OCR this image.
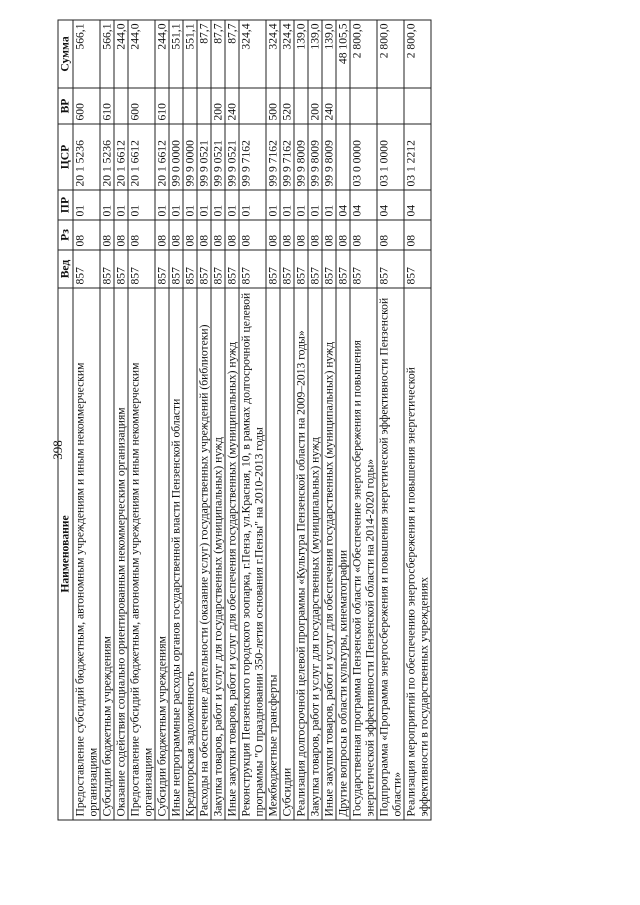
398
Наименование	Вед	Рз	ПР	ЦСР	ВР	Сумма
Предоставление субсидий бюджетным, автономным учреждениям и иным некоммерческим организациям	857	08	01	20 1 5236	600	566,1
Субсидии бюджетным учреждениям	857	08	01	20 1 5236	610	566,1
Оказание содействия социально ориентированным некоммерческим организациям	857	08	01	20 1 6612		244,0
Предоставление субсидий бюджетным, автономным учреждениям и иным некоммерческим организациям	857	08	01	20 1 6612	600	244,0
Субсидии бюджетным учреждениям	857	08	01	20 1 6612	610	244,0
Иные непрограммные расходы органов государственной власти Пензенской области	857	08	01	99 0 0000		551,1
Кредиторская задолженность	857	08	01	99 9 0000		551,1
Расходы на обеспечение деятельности (оказание услуг) государственных учреждений (библиотеки)	857	08	01	99 9 0521		87,7
Закупка товаров, работ и услуг для государственных (муниципальных) нужд	857	08	01	99 9 0521	200	87,7
Иные закупки товаров, работ и услуг для обеспечения государственных (муниципальных) нужд	857	08	01	99 9 0521	240	87,7
Реконструкция Пензенского городского зоопарка, г.Пенза, ул.Красная, 10, в рамках долгосрочной целевой программы "О праздновании 350-летия основания г.Пензы" на 2010-2013 годы	857	08	01	99 9 7162		324,4
Межбюджетные трансферты	857	08	01	99 9 7162	500	324,4
Субсидии	857	08	01	99 9 7162	520	324,4
Реализация долгосрочной целевой программы «Культура Пензенской области на 2009–2013 годы»	857	08	01	99 9 8009		139,0
Закупка товаров, работ и услуг для государственных (муниципальных) нужд	857	08	01	99 9 8009	200	139,0
Иные закупки товаров, работ и услуг для обеспечения государственных (муниципальных) нужд	857	08	01	99 9 8009	240	139,0
Другие вопросы в области культуры, кинематографии	857	08	04			48 105,5
Государственная программа Пензенской области «Обеспечение энергосбережения и повышения энергетической эффективности Пензенской области на 2014-2020 годы»	857	08	04	03 0 0000		2 800,0
Подпрограмма «Программа энергосбережения и повышения энергетической эффективности Пензенской области»	857	08	04	03 1 0000		2 800,0
Реализация мероприятий по обеспечению энергосбережения и повышения энергетической эффективности в государственных учреждениях	857	08	04	03 1 2212		2 800,0
